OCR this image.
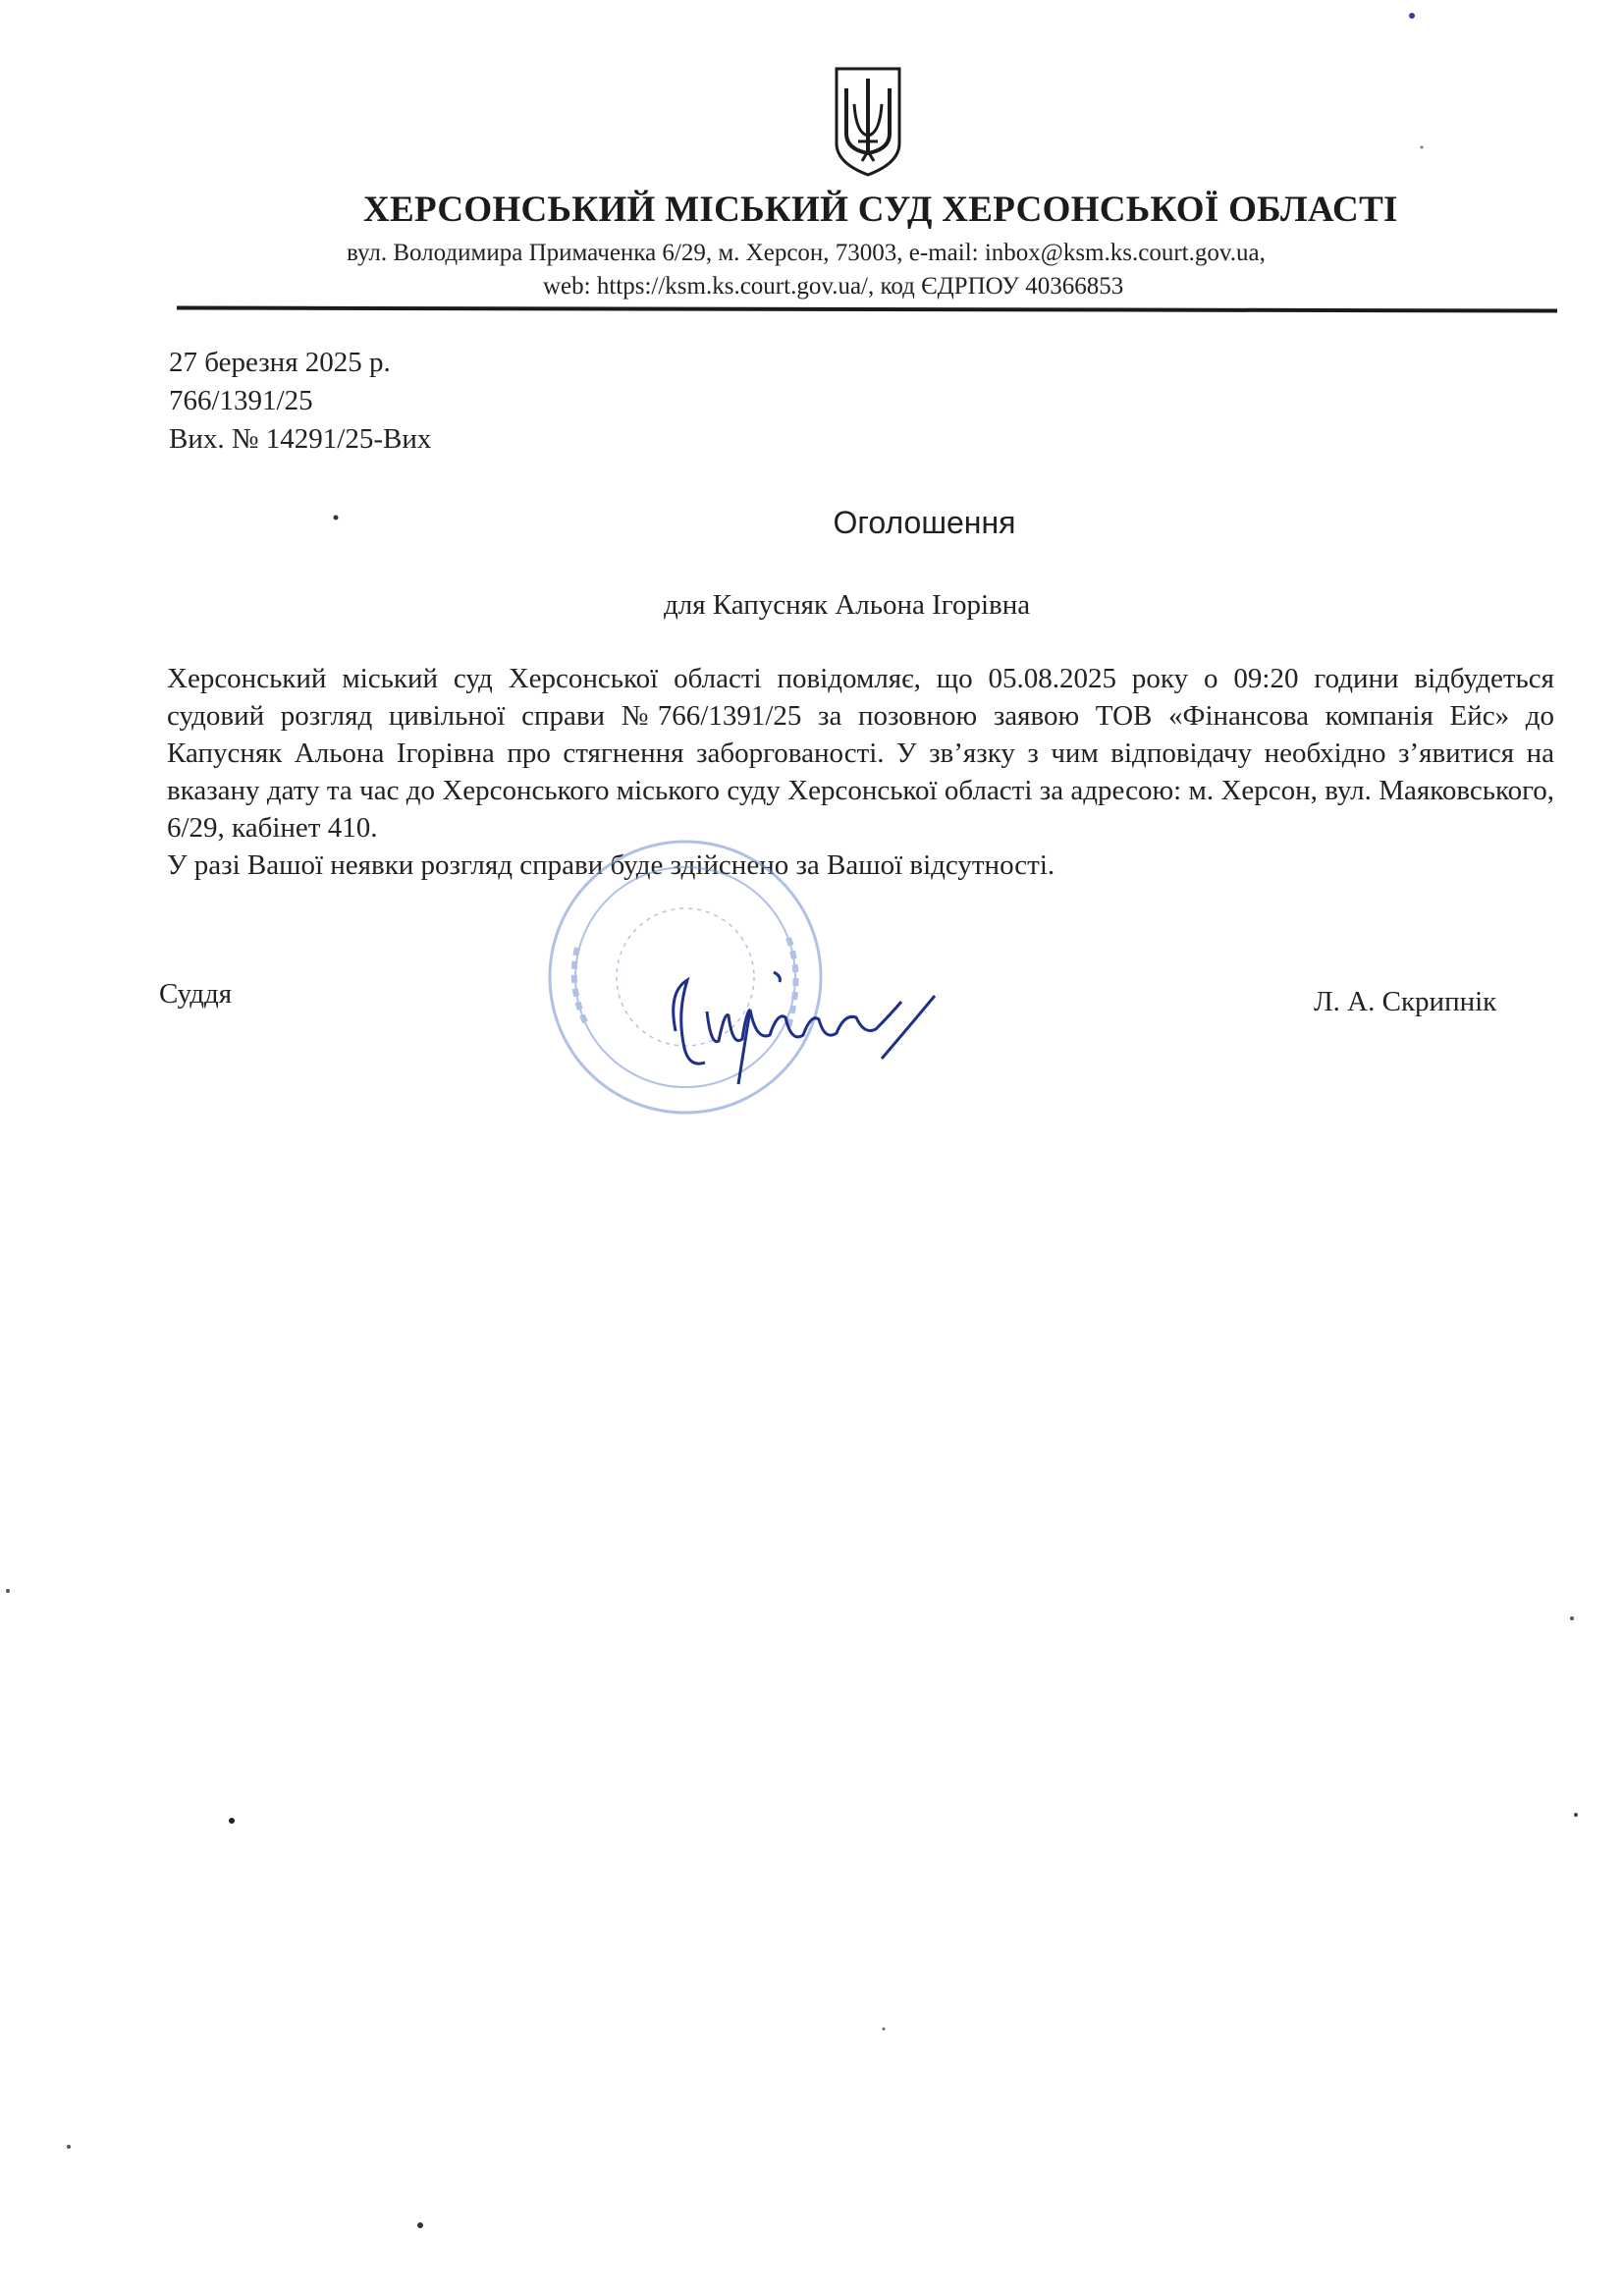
ХЕРСОНСЬКИЙ МІСЬКИЙ СУД ХЕРСОНСЬКОЇ ОБЛАСТІ
вул. Володимира Примаченка 6/29, м. Херсон, 73003, e-mail: inbox@ksm.ks.court.gov.ua,
web: https://ksm.ks.court.gov.ua/, код ЄДРПОУ 40366853
27 березня 2025 р.
766/1391/25
Вих. № 14291/25-Вих
Оголошення
для Капусняк Альона Ігорівна

Херсонський міський суд Херсонської області повідомляє, що 05.08.2025 року о 09:20 години відбудеться судовий розгляд цивільної справи №766/1391/25 за позовною заявою ТОВ «Фінансова компанія Ейс» до Капусняк Альона Ігорівна про стягнення заборгованості. У зв’язку з чим відповідачу необхідно з’явитися на вказану дату та час до Херсонського міського суду Херсонської області за адресою: м. Херсон, вул. Маяковського, 6/29, кабінет 410.

У разі Вашої неявки розгляд справи буде здійснено за Вашої відсутності.

Суддя	Л. А. Скрипнік
